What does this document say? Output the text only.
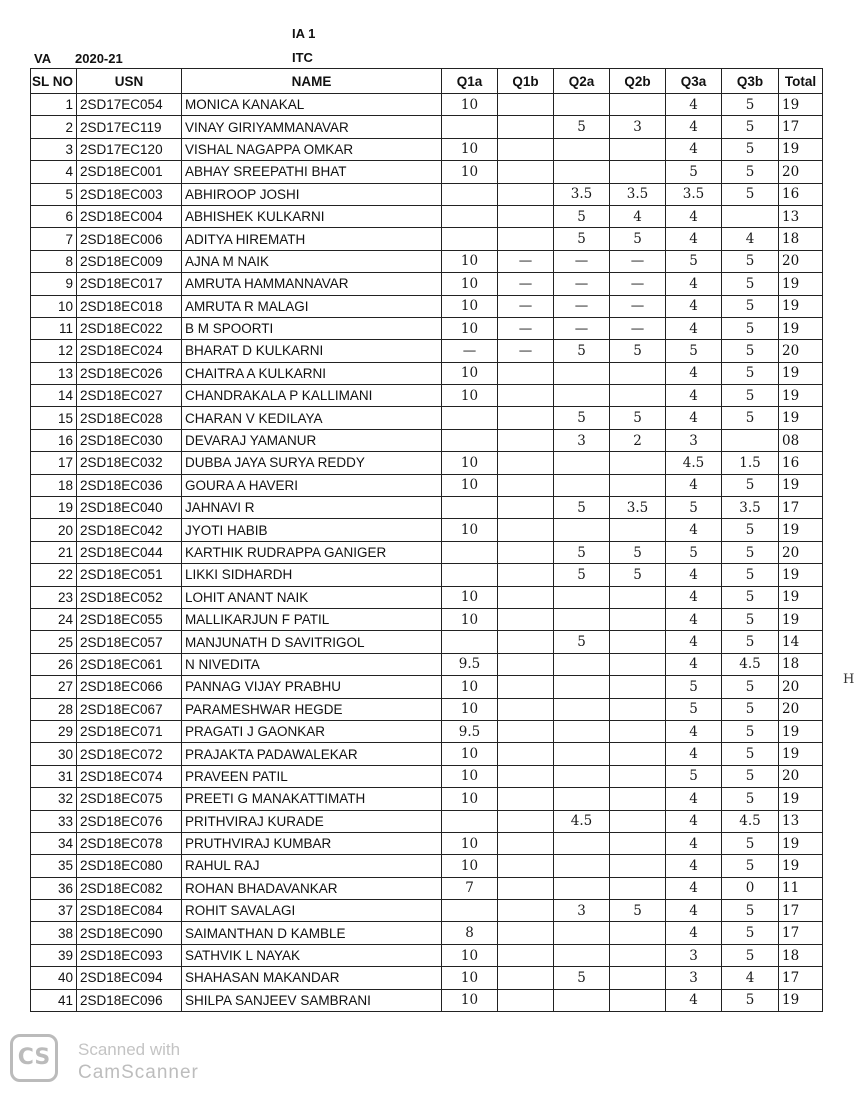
IA 1
ITC
VA 2020-21
SL NO	USN	NAME	Q1a	Q1b	Q2a	Q2b	Q3a	Q3b	Total
1	2SD17EC054	MONICA KANAKAL	10				4	5	19
2	2SD17EC119	VINAY GIRIYAMMANAVAR			5	3	4	5	17
3	2SD17EC120	VISHAL NAGAPPA OMKAR	10				4	5	19
4	2SD18EC001	ABHAY SREEPATHI BHAT	10				5	5	20
5	2SD18EC003	ABHIROOP JOSHI			3.5	3.5	3.5	5	16
6	2SD18EC004	ABHISHEK KULKARNI			5	4	4		13
7	2SD18EC006	ADITYA HIREMATH			5	5	4	4	18
8	2SD18EC009	AJNA M NAIK	10	—	—	—	5	5	20
9	2SD18EC017	AMRUTA HAMMANNAVAR	10	—	—	—	4	5	19
10	2SD18EC018	AMRUTA R MALAGI	10	—	—	—	4	5	19
11	2SD18EC022	B M SPOORTI	10	—	—	—	4	5	19
12	2SD18EC024	BHARAT D KULKARNI	—	—	5	5	5	5	20
13	2SD18EC026	CHAITRA A KULKARNI	10				4	5	19
14	2SD18EC027	CHANDRAKALA P KALLIMANI	10				4	5	19
15	2SD18EC028	CHARAN V KEDILAYA			5	5	4	5	19
16	2SD18EC030	DEVARAJ YAMANUR			3	2	3		08
17	2SD18EC032	DUBBA JAYA SURYA REDDY	10				4.5	1.5	16
18	2SD18EC036	GOURA A HAVERI	10				4	5	19
19	2SD18EC040	JAHNAVI R			5	3.5	5	3.5	17
20	2SD18EC042	JYOTI HABIB	10				4	5	19
21	2SD18EC044	KARTHIK RUDRAPPA GANIGER			5	5	5	5	20
22	2SD18EC051	LIKKI SIDHARDH			5	5	4	5	19
23	2SD18EC052	LOHIT ANANT NAIK	10				4	5	19
24	2SD18EC055	MALLIKARJUN F PATIL	10				4	5	19
25	2SD18EC057	MANJUNATH D SAVITRIGOL			5		4	5	14
26	2SD18EC061	N NIVEDITA	9.5				4	4.5	18
27	2SD18EC066	PANNAG VIJAY PRABHU	10				5	5	20
28	2SD18EC067	PARAMESHWAR HEGDE	10				5	5	20
29	2SD18EC071	PRAGATI J GAONKAR	9.5				4	5	19
30	2SD18EC072	PRAJAKTA PADAWALEKAR	10				4	5	19
31	2SD18EC074	PRAVEEN PATIL	10				5	5	20
32	2SD18EC075	PREETI G MANAKATTIMATH	10				4	5	19
33	2SD18EC076	PRITHVIRAJ KURADE			4.5		4	4.5	13
34	2SD18EC078	PRUTHVIRAJ KUMBAR	10				4	5	19
35	2SD18EC080	RAHUL RAJ	10				4	5	19
36	2SD18EC082	ROHAN BHADAVANKAR	7				4	0	11
37	2SD18EC084	ROHIT SAVALAGI			3	5	4	5	17
38	2SD18EC090	SAIMANTHAN D KAMBLE	8				4	5	17
39	2SD18EC093	SATHVIK L NAYAK	10				3	5	18
40	2SD18EC094	SHAHASAN MAKANDAR	10		5		3	4	17
41	2SD18EC096	SHILPA SANJEEV SAMBRANI	10				4	5	19
H
CS	Scanned with
CamScanner
